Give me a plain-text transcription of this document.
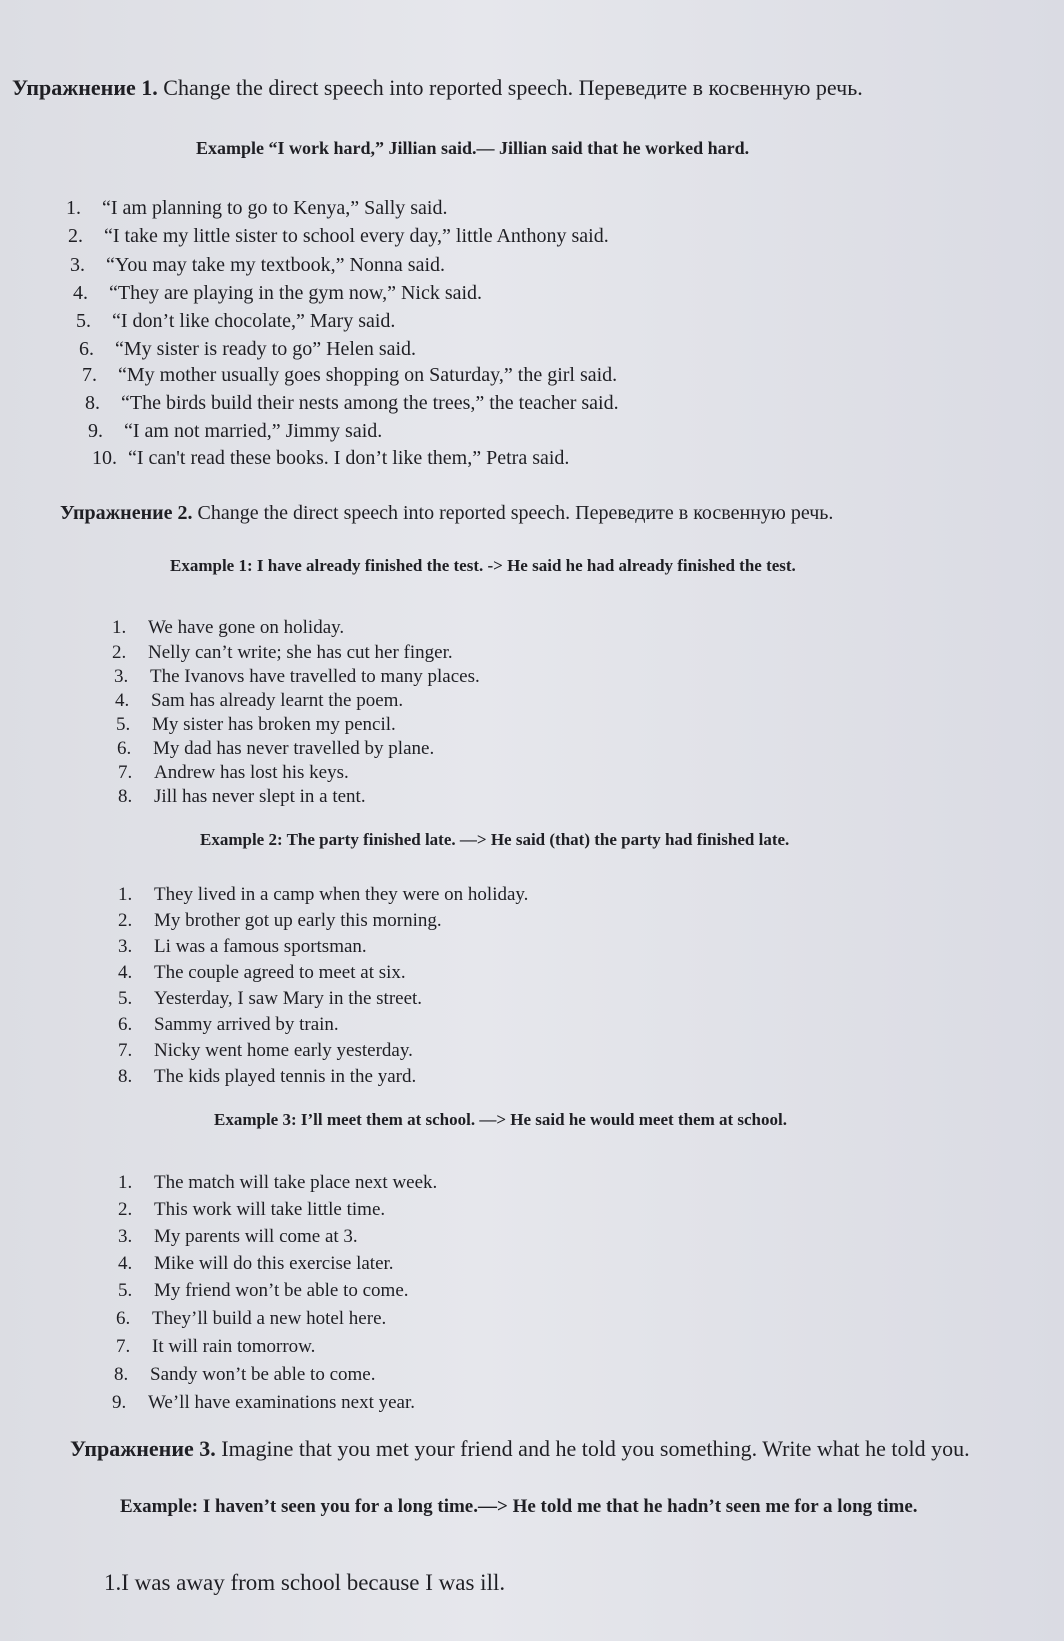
Упражнение 1. Change the direct speech into reported speech. Переведите в косвенную речь.
Example “I work hard,” Jillian said.— Jillian said that he worked hard.
1. “I am planning to go to Kenya,” Sally said.
2. “I take my little sister to school every day,” little Anthony said.
3. “You may take my textbook,” Nonna said.
4. “They are playing in the gym now,” Nick said.
5. “I don’t like chocolate,” Mary said.
6. “My sister is ready to go” Helen said.
7. “My mother usually goes shopping on Saturday,” the girl said.
8. “The birds build their nests among the trees,” the teacher said.
9. “I am not married,” Jimmy said.
10. “I can't read these books. I don’t like them,” Petra said.
Упражнение 2. Change the direct speech into reported speech. Переведите в косвенную речь.
Example 1: I have already finished the test. -> He said he had already finished the test.
1. We have gone on holiday.
2. Nelly can’t write; she has cut her finger.
3. The Ivanovs have travelled to many places.
4. Sam has already learnt the poem.
5. My sister has broken my pencil.
6. My dad has never travelled by plane.
7. Andrew has lost his keys.
8. Jill has never slept in a tent.
Example 2: The party finished late. —> He said (that) the party had finished late.
1. They lived in a camp when they were on holiday.
2. My brother got up early this morning.
3. Li was a famous sportsman.
4. The couple agreed to meet at six.
5. Yesterday, I saw Mary in the street.
6. Sammy arrived by train.
7. Nicky went home early yesterday.
8. The kids played tennis in the yard.
Example 3: I’ll meet them at school. —> He said he would meet them at school.
1. The match will take place next week.
2. This work will take little time.
3. My parents will come at 3.
4. Mike will do this exercise later.
5. My friend won’t be able to come.
6. They’ll build a new hotel here.
7. It will rain tomorrow.
8. Sandy won’t be able to come.
9. We’ll have examinations next year.
Упражнение 3. Imagine that you met your friend and he told you something. Write what he told you.
Example: I haven’t seen you for a long time.—> He told me that he hadn’t seen me for a long time.
1.I was away from school because I was ill.
